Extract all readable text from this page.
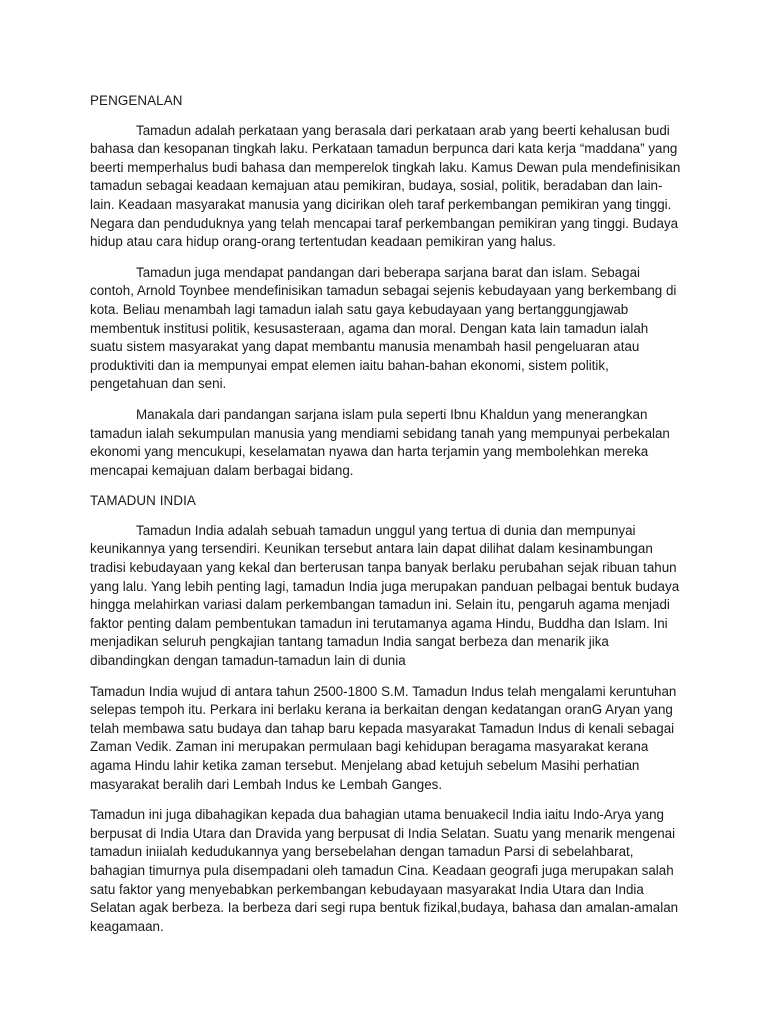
PENGENALAN

Tamadun adalah perkataan yang berasala dari perkataan arab yang beerti kehalusan budi bahasa dan kesopanan tingkah laku. Perkataan tamadun berpunca dari kata kerja “maddana” yang beerti memperhalus budi bahasa dan memperelok tingkah laku. Kamus Dewan pula mendefinisikan tamadun sebagai keadaan kemajuan atau pemikiran, budaya, sosial, politik, beradaban dan lain-lain. Keadaan masyarakat manusia yang dicirikan oleh taraf perkembangan pemikiran yang tinggi. Negara dan penduduknya yang telah mencapai taraf perkembangan pemikiran yang tinggi. Budaya hidup atau cara hidup orang-orang tertentudan keadaan pemikiran yang halus.

Tamadun juga mendapat pandangan dari beberapa sarjana barat dan islam. Sebagai contoh, Arnold Toynbee mendefinisikan tamadun sebagai sejenis kebudayaan yang berkembang di kota. Beliau menambah lagi tamadun ialah satu gaya kebudayaan yang bertanggungjawab membentuk institusi politik, kesusasteraan, agama dan moral. Dengan kata lain tamadun ialah suatu sistem masyarakat yang dapat membantu manusia menambah hasil pengeluaran atau produktiviti dan ia mempunyai empat elemen iaitu bahan-bahan ekonomi, sistem politik, pengetahuan dan seni.

Manakala dari pandangan sarjana islam pula seperti Ibnu Khaldun yang menerangkan tamadun ialah sekumpulan manusia yang mendiami sebidang tanah yang mempunyai perbekalan ekonomi yang mencukupi, keselamatan nyawa dan harta terjamin yang membolehkan mereka mencapai kemajuan dalam berbagai bidang.

TAMADUN INDIA

Tamadun India adalah sebuah tamadun unggul yang tertua di dunia dan mempunyai keunikannya yang tersendiri. Keunikan tersebut antara lain dapat dilihat dalam kesinambungan tradisi kebudayaan yang kekal dan berterusan tanpa banyak berlaku perubahan sejak ribuan tahun yang lalu. Yang lebih penting lagi, tamadun India juga merupakan panduan pelbagai bentuk budaya hingga melahirkan variasi dalam perkembangan tamadun ini. Selain itu, pengaruh agama menjadi faktor penting dalam pembentukan tamadun ini terutamanya agama Hindu, Buddha dan Islam. Ini menjadikan seluruh pengkajian tantang tamadun India sangat berbeza dan menarik jika dibandingkan dengan tamadun-tamadun lain di dunia

Tamadun India wujud di antara tahun 2500-1800 S.M. Tamadun Indus telah mengalami keruntuhan selepas tempoh itu. Perkara ini berlaku kerana ia berkaitan dengan kedatangan oranG Aryan yang telah membawa satu budaya dan tahap baru kepada masyarakat Tamadun Indus di kenali sebagai Zaman Vedik. Zaman ini merupakan permulaan bagi kehidupan beragama masyarakat kerana agama Hindu lahir ketika zaman tersebut. Menjelang abad ketujuh sebelum Masihi perhatian masyarakat beralih dari Lembah Indus ke Lembah Ganges.

Tamadun ini juga dibahagikan kepada dua bahagian utama benuakecil India iaitu Indo-Arya yang berpusat di India Utara dan Dravida yang berpusat di India Selatan. Suatu yang menarik mengenai tamadun iniialah kedudukannya yang bersebelahan dengan tamadun Parsi di sebelahbarat, bahagian timurnya pula disempadani oleh tamadun Cina. Keadaan geografi juga merupakan salah satu faktor yang menyebabkan perkembangan kebudayaan masyarakat India Utara dan India Selatan agak berbeza. Ia berbeza dari segi rupa bentuk fizikal,budaya, bahasa dan amalan-amalan keagamaan.
